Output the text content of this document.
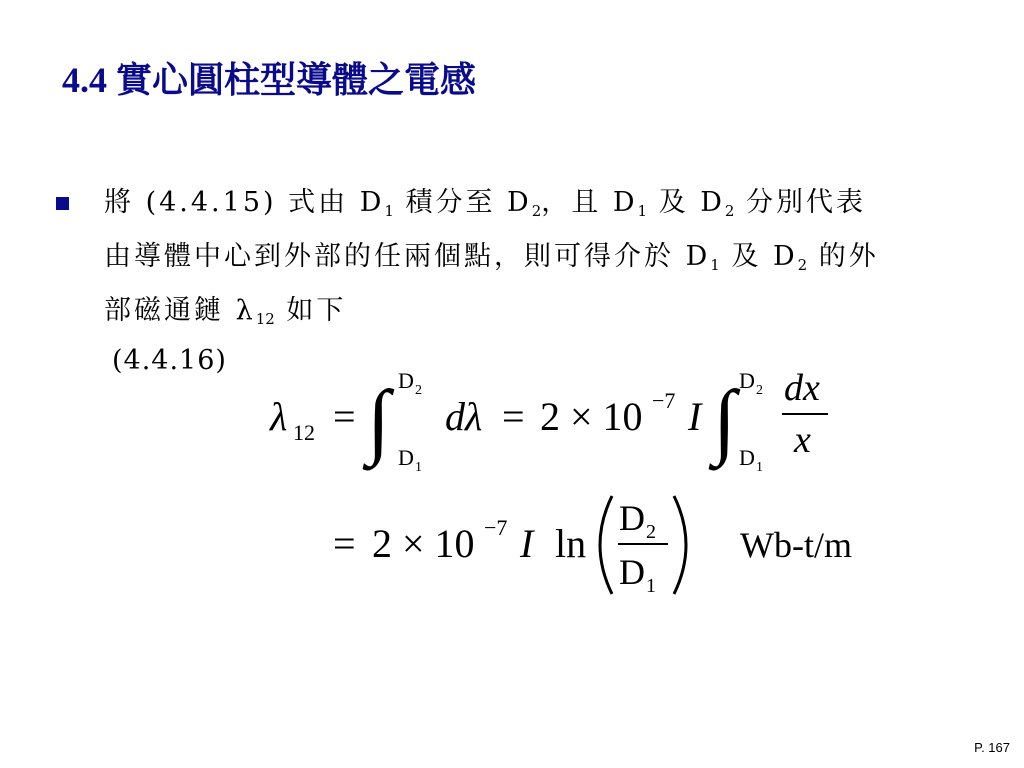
4.4 實心圓柱型導體之電感
將 (4.4.15) 式由 $D_1$ 積分至 $D_2$，且 $D_1$ 及 $D_2$ 分別代表
由導體中心到外部的任兩個點，則可得介於 $D_1$ 及 $D_2$ 的外
部磁通鏈 $\lambda_{12}$ 如下
(4.4.16)
λ 12 = ∫ D 2
D 1
dλ = 2 × 10 −7 I ∫ D 2
D 1
dx
x
= 2 × 10 −7 I ln
D 2
D 1
Wb-t/m
P. 167
